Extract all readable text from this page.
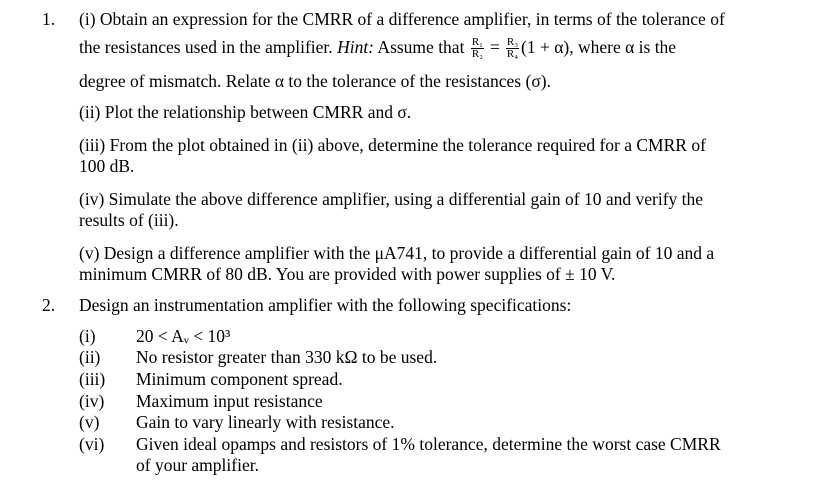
1. (i) Obtain an expression for the CMRR of a difference amplifier, in terms of the tolerance of
the resistances used in the amplifier. Hint: Assume that $\frac{\text{R₁}}{\text{R₂}} = \frac{\text{R₃}}{\text{R₄}} (1 + \alpha)$, where α is the
degree of mismatch. Relate α to the tolerance of the resistances (σ).
(ii) Plot the relationship between CMRR and σ.
(iii) From the plot obtained in (ii) above, determine the tolerance required for a CMRR of
100 dB.
(iv) Simulate the above difference amplifier, using a differential gain of 10 and verify the
results of (iii).
(v) Design a difference amplifier with the μA741, to provide a differential gain of 10 and a
minimum CMRR of 80 dB. You are provided with power supplies of ± 10 V.
2. Design an instrumentation amplifier with the following specifications:
(i) 20 < Aᵥ < 10³
(ii) No resistor greater than 330 kΩ to be used.
(iii) Minimum component spread.
(iv) Maximum input resistance
(v) Gain to vary linearly with resistance.
(vi) Given ideal opamps and resistors of 1% tolerance, determine the worst case CMRR
of your amplifier.
